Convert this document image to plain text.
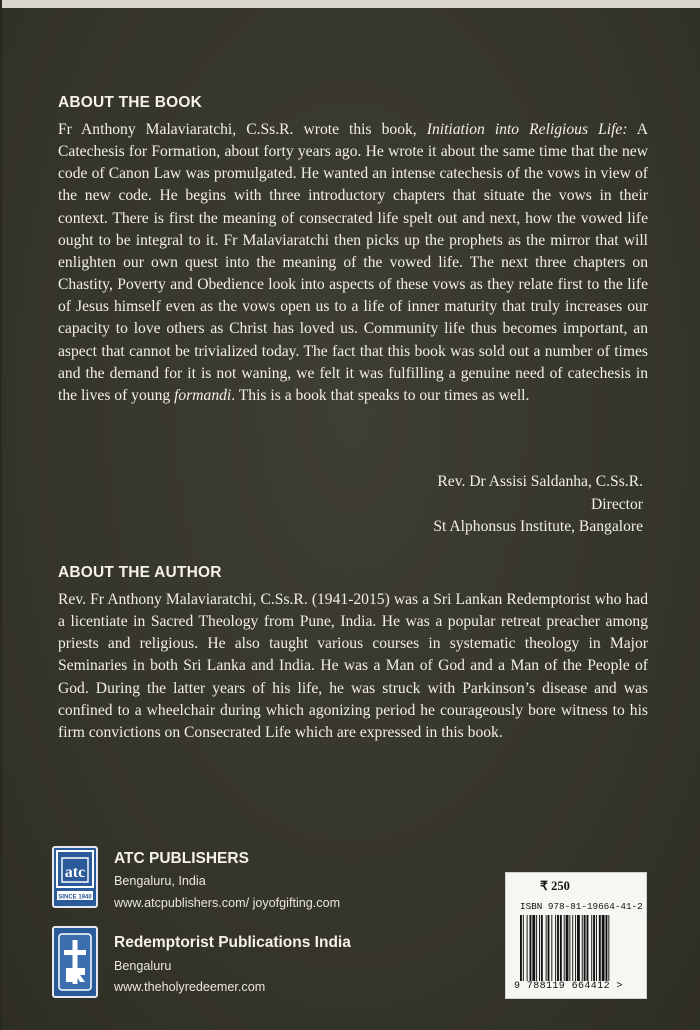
ABOUT THE BOOK

Fr Anthony Malaviaratchi, C.Ss.R. wrote this book, Initiation into Religious Life: A Catechesis for Formation, about forty years ago. He wrote it about the same time that the new code of Canon Law was promulgated. He wanted an intense catechesis of the vows in view of the new code. He begins with three introductory chapters that situate the vows in their context. There is first the meaning of consecrated life spelt out and next, how the vowed life ought to be integral to it. Fr Malaviaratchi then picks up the prophets as the mirror that will enlighten our own quest into the meaning of the vowed life. The next three chapters on Chastity, Poverty and Obedience look into aspects of these vows as they relate first to the life of Jesus himself even as the vows open us to a life of inner maturity that truly increases our capacity to love others as Christ has loved us. Community life thus becomes important, an aspect that cannot be trivialized today. The fact that this book was sold out a number of times and the demand for it is not waning, we felt it was fulfilling a genuine need of catechesis in the lives of young formandi. This is a book that speaks to our times as well.

Rev. Dr Assisi Saldanha, C.Ss.R.
Director
St Alphonsus Institute, Bangalore
ABOUT THE AUTHOR

Rev. Fr Anthony Malaviaratchi, C.Ss.R. (1941-2015) was a Sri Lankan Redemptorist who had a licentiate in Sacred Theology from Pune, India. He was a popular retreat preacher among priests and religious. He also taught various courses in systematic theology in Major Seminaries in both Sri Lanka and India. He was a Man of God and a Man of the People of God. During the latter years of his life, he was struck with Parkinson’s disease and was confined to a wheelchair during which agonizing period he courageously bore witness to his firm convictions on Consecrated Life which are expressed in this book.

atc
SINCE 1940
ATC PUBLISHERS
Bengaluru, India
www.atcpublishers.com/ joyofgifting.com
Redemptorist Publications India
Bengaluru
www.theholyredeemer.com
₹ 250
ISBN 978-81-19664-41-2
9 788119 664412 >
